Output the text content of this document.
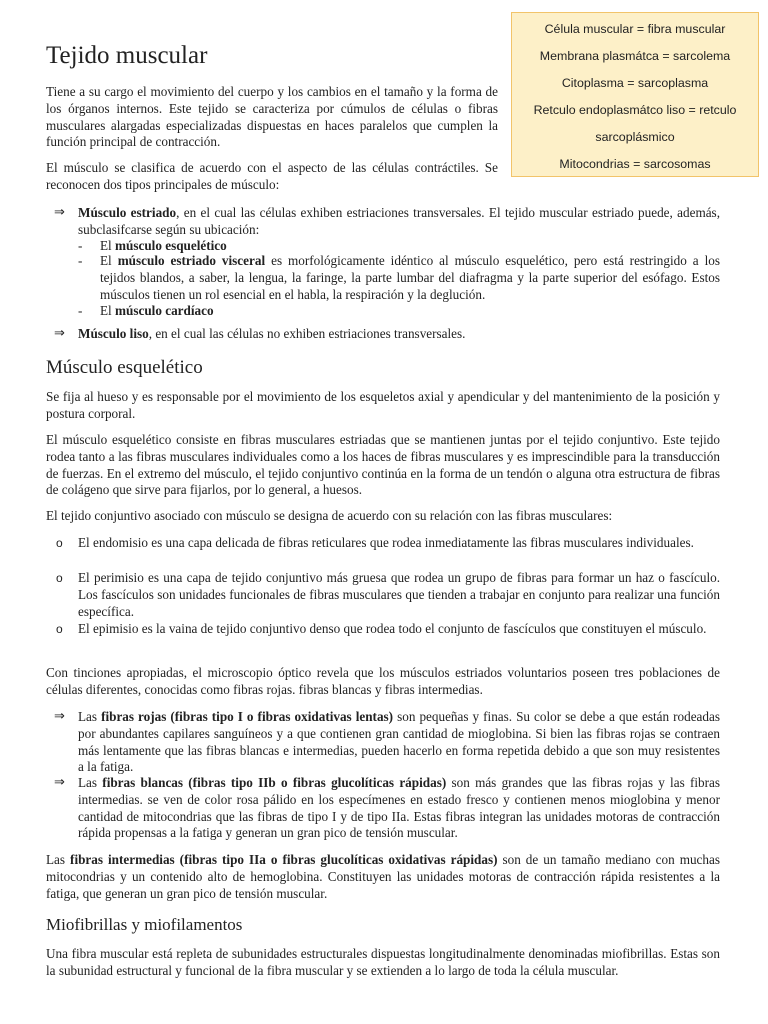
Célula muscular = fibra muscular
Membrana plasmátca = sarcolema
Citoplasma = sarcoplasma
Retculo endoplasmátco liso = retculo
sarcoplásmico
Mitocondrias = sarcosomas
Tejido muscular

Tiene a su cargo el movimiento del cuerpo y los cambios en el tamaño y la forma de los órganos internos. Este tejido se caracteriza por cúmulos de células o fibras musculares alargadas especializadas dispuestas en haces paralelos que cumplen la función principal de contracción.

El músculo se clasifica de acuerdo con el aspecto de las células contráctiles. Se reconocen dos tipos principales de músculo:

⇒ Músculo estriado, en el cual las células exhiben estriaciones transversales. El tejido muscular estriado puede, además, subclasifcarse según su ubicación:
-	El músculo esquelético
-	El músculo estriado visceral es morfológicamente idéntico al músculo esquelético, pero está restringido a los tejidos blandos, a saber, la lengua, la faringe, la parte lumbar del diafragma y la parte superior del esófago. Estos músculos tienen un rol esencial en el habla, la respiración y la deglución.
-	El músculo cardíaco
⇒ Músculo liso, en el cual las células no exhiben estriaciones transversales.
Músculo esquelético

Se fija al hueso y es responsable por el movimiento de los esqueletos axial y apendicular y del mantenimiento de la posición y postura corporal.

El músculo esquelético consiste en fibras musculares estriadas que se mantienen juntas por el tejido conjuntivo. Este tejido rodea tanto a las fibras musculares individuales como a los haces de fibras musculares y es imprescindible para la transducción de fuerzas. En el extremo del músculo, el tejido conjuntivo continúa en la forma de un tendón o alguna otra estructura de fibras de colágeno que sirve para fijarlos, por lo general, a huesos.

El tejido conjuntivo asociado con músculo se designa de acuerdo con su relación con las fibras musculares:

o	El endomisio es una capa delicada de fibras reticulares que rodea inmediatamente las fibras musculares individuales.
o	El perimisio es una capa de tejido conjuntivo más gruesa que rodea un grupo de fibras para formar un haz o fascículo. Los fascículos son unidades funcionales de fibras musculares que tienden a trabajar en conjunto para realizar una función específica.
o	El epimisio es la vaina de tejido conjuntivo denso que rodea todo el conjunto de fascículos que constituyen el músculo.

Con tinciones apropiadas, el microscopio óptico revela que los músculos estriados voluntarios poseen tres poblaciones de células diferentes, conocidas como fibras rojas. fibras blancas y fibras intermedias.

⇒ Las fibras rojas (fibras tipo I o fibras oxidativas lentas) son pequeñas y finas. Su color se debe a que están rodeadas por abundantes capilares sanguíneos y a que contienen gran cantidad de mioglobina. Si bien las fibras rojas se contraen más lentamente que las fibras blancas e intermedias, pueden hacerlo en forma repetida debido a que son muy resistentes a la fatiga.
⇒ Las fibras blancas (fibras tipo IIb o fibras glucolíticas rápidas) son más grandes que las fibras rojas y las fibras intermedias. se ven de color rosa pálido en los especímenes en estado fresco y contienen menos mioglobina y menor cantidad de mitocondrias que las fibras de tipo I y de tipo IIa. Estas fibras integran las unidades motoras de contracción rápida propensas a la fatiga y generan un gran pico de tensión muscular.

Las fibras intermedias (fibras tipo IIa o fibras glucolíticas oxidativas rápidas) son de un tamaño mediano con muchas mitocondrias y un contenido alto de hemoglobina. Constituyen las unidades motoras de contracción rápida resistentes a la fatiga, que generan un gran pico de tensión muscular.

Miofibrillas y miofilamentos

Una fibra muscular está repleta de subunidades estructurales dispuestas longitudinalmente denominadas miofibrillas. Estas son la subunidad estructural y funcional de la fibra muscular y se extienden a lo largo de toda la célula muscular.
